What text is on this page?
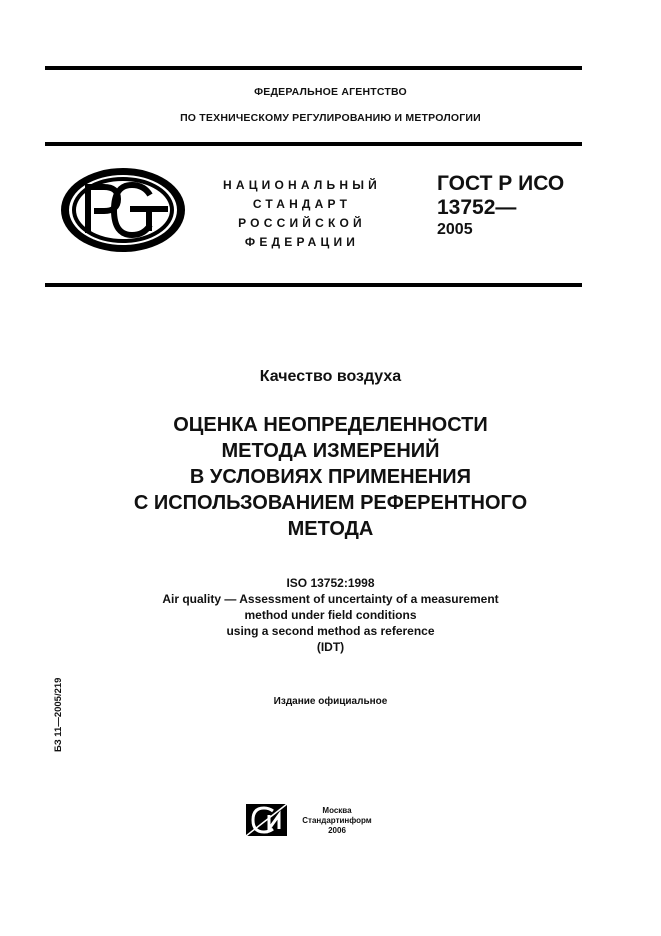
ФЕДЕРАЛЬНОЕ АГЕНТСТВО
ПО ТЕХНИЧЕСКОМУ РЕГУЛИРОВАНИЮ И МЕТРОЛОГИИ
НАЦИОНАЛЬНЫЙ
СТАНДАРТ
РОССИЙСКОЙ
ФЕДЕРАЦИИ
ГОСТ Р ИСО
13752—
2005
Качество воздуха
ОЦЕНКА НЕОПРЕДЕЛЕННОСТИ
МЕТОДА ИЗМЕРЕНИЙ
В УСЛОВИЯХ ПРИМЕНЕНИЯ
С ИСПОЛЬЗОВАНИЕМ РЕФЕРЕНТНОГО
МЕТОДА
ISO 13752:1998
Air quality — Assessment of uncertainty of a measurement
method under field conditions
using a second method as reference
(IDT)
Издание официальное
БЗ 11—2005/219
Москва
Стандартинформ
2006
